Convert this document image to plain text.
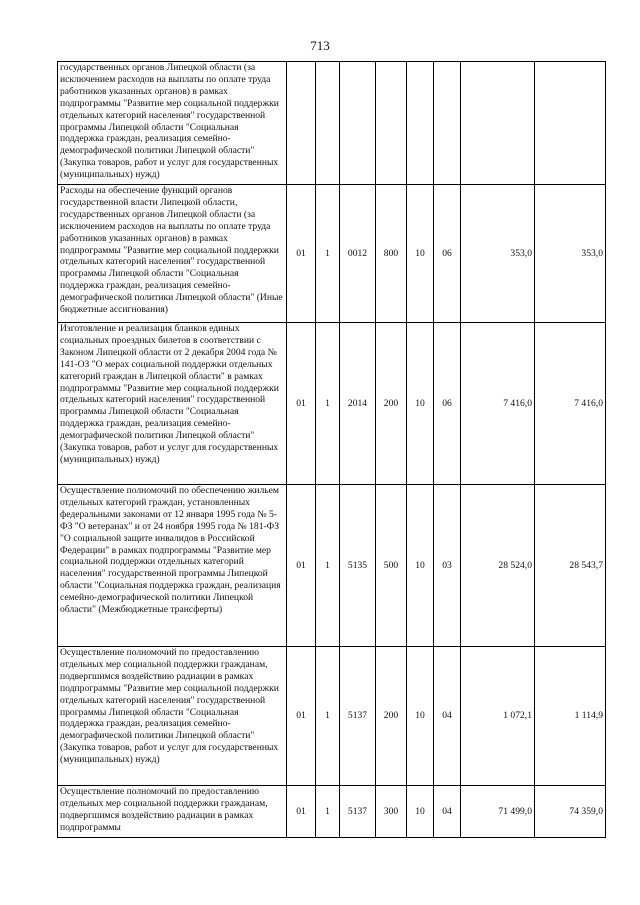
713
государственных органов Липецкой области (за исключением расходов на выплаты по оплате труда работников указанных органов) в рамках подпрограммы "Развитие мер социальной поддержки отдельных категорий населения" государственной программы Липецкой области "Социальная поддержка граждан, реализация семейно-демографической политики Липецкой области" (Закупка товаров, работ и услуг для государственных (муниципальных) нужд)								
Расходы на обеспечение функций органов государственной власти Липецкой области, государственных органов Липецкой области (за исключением расходов на выплаты по оплате труда работников указанных органов) в рамках подпрограммы "Развитие мер социальной поддержки отдельных категорий населения" государственной программы Липецкой области "Социальная поддержка граждан, реализация семейно-демографической политики Липецкой области" (Иные бюджетные ассигнования)	01	1	0012	800	10	06	353,0	353,0
Изготовление и реализация бланков единых социальных проездных билетов в соответствии с Законом Липецкой области от 2 декабря 2004 года № 141-ОЗ "О мерах социальной поддержки отдельных категорий граждан в Липецкой области" в рамках подпрограммы "Развитие мер социальной поддержки отдельных категорий населения" государственной программы Липецкой области "Социальная поддержка граждан, реализация семейно-демографической политики Липецкой области" (Закупка товаров, работ и услуг для государственных (муниципальных) нужд)	01	1	2014	200	10	06	7 416,0	7 416,0
Осуществление полномочий по обеспечению жильем отдельных категорий граждан, установленных федеральными законами от 12 января 1995 года № 5-ФЗ "О ветеранах" и от 24 ноября 1995 года № 181-ФЗ "О социальной защите инвалидов в Российской Федерации" в рамках подпрограммы "Развитие мер социальной поддержки отдельных категорий населения" государственной программы Липецкой области "Социальная поддержка граждан, реализация семейно-демографической политики Липецкой области" (Межбюджетные трансферты)	01	1	5135	500	10	03	28 524,0	28 543,7
Осуществление полномочий по предоставлению отдельных мер социальной поддержки гражданам, подвергшимся воздействию радиации в рамках подпрограммы "Развитие мер социальной поддержки отдельных категорий населения" государственной программы Липецкой области "Социальная поддержка граждан, реализация семейно-демографической политики Липецкой области" (Закупка товаров, работ и услуг для государственных (муниципальных) нужд)	01	1	5137	200	10	04	1 072,1	1 114,9
Осуществление полномочий по предоставлению отдельных мер социальной поддержки гражданам, подвергшимся воздействию радиации в рамках подпрограммы	01	1	5137	300	10	04	71 499,0	74 359,0
